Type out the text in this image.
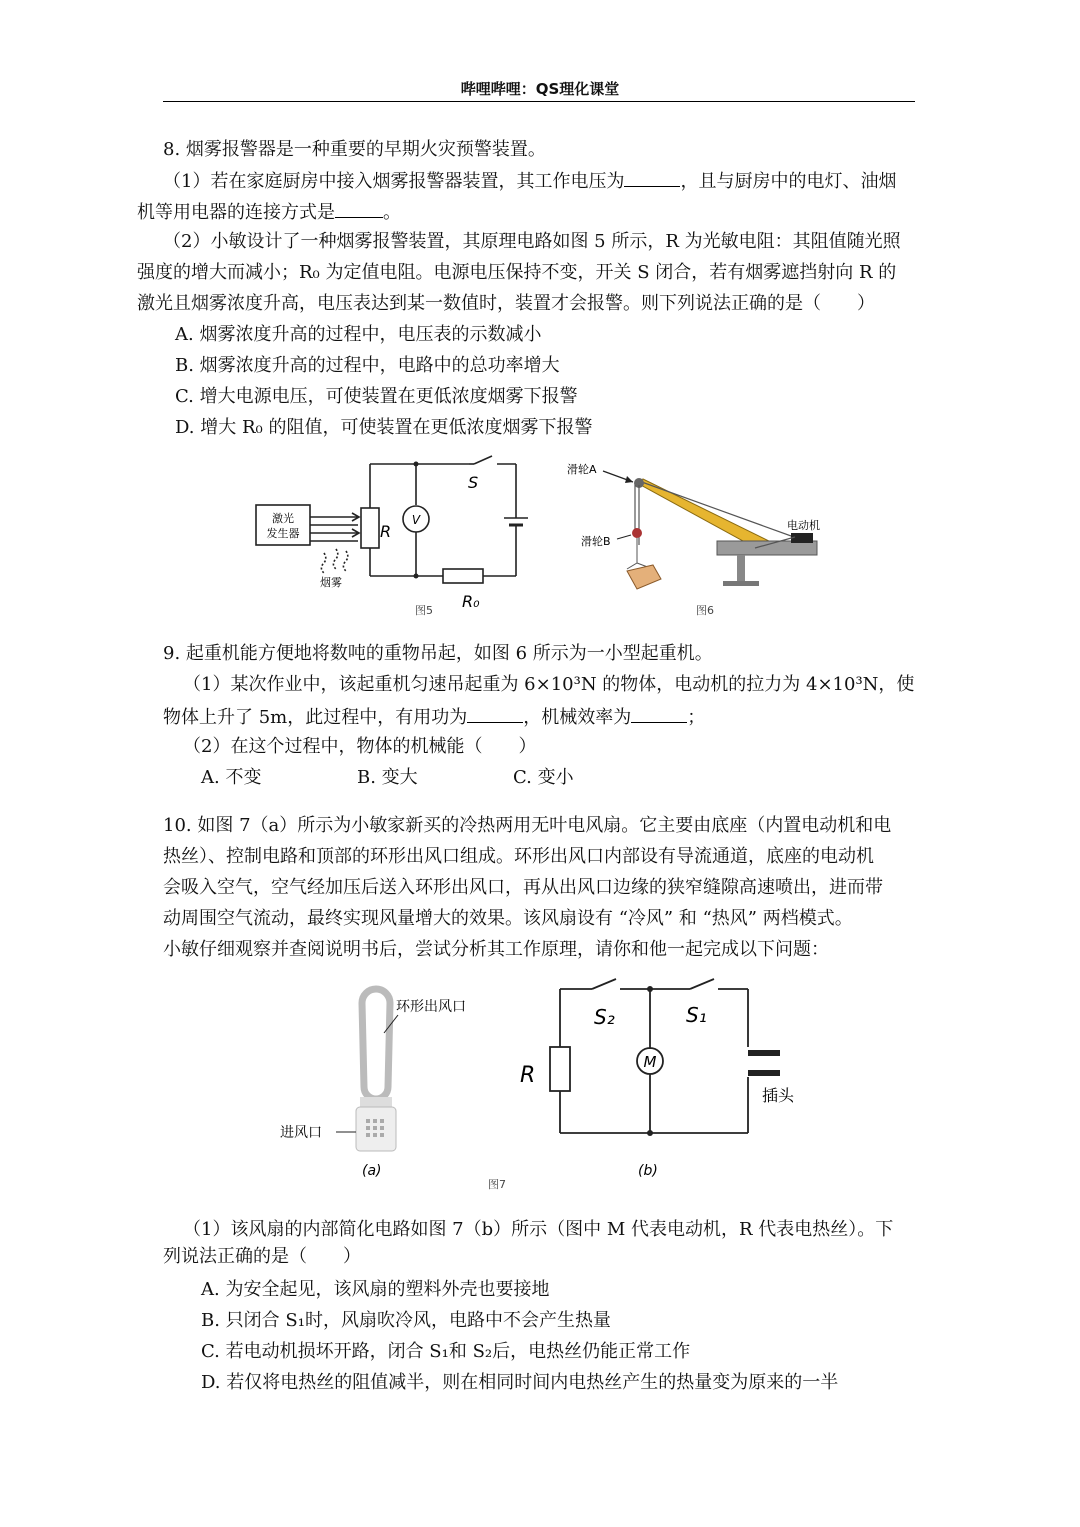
哔哩哔哩：QS理化课堂
8. 烟雾报警器是一种重要的早期火灾预警装置。
（1）若在家庭厨房中接入烟雾报警器装置，其工作电压为	，且与厨房中的电灯、油烟
机等用电器的连接方式是	。
（2）小敏设计了一种烟雾报警装置，其原理电路如图 5 所示，R 为光敏电阻：其阻值随光照
强度的增大而减小；R₀ 为定值电阻。电源电压保持不变，开关 S 闭合，若有烟雾遮挡射向 R 的
激光且烟雾浓度升高，电压表达到某一数值时，装置才会报警。则下列说法正确的是（　　）
A. 烟雾浓度升高的过程中，电压表的示数减小
B. 烟雾浓度升高的过程中，电路中的总功率增大
C. 增大电源电压，可使装置在更低浓度烟雾下报警
D. 增大 R₀ 的阻值，可使装置在更低浓度烟雾下报警
激光
发生器	R
V
S
R₀
烟雾
图5
滑轮A
滑轮B
电动机
图6
9. 起重机能方便地将数吨的重物吊起，如图 6 所示为一小型起重机。
（1）某次作业中，该起重机匀速吊起重为 6×10³N 的物体，电动机的拉力为 4×10³N，使
物体上升了 5m，此过程中，有用功为	，机械效率为	；
（2）在这个过程中，物体的机械能（　　）
A. 不变	B. 变大	C. 变小
10. 如图 7（a）所示为小敏家新买的冷热两用无叶电风扇。它主要由底座（内置电动机和电
热丝）、控制电路和顶部的环形出风口组成。环形出风口内部设有导流通道，底座的电动机
会吸入空气，空气经加压后送入环形出风口，再从出风口边缘的狭窄缝隙高速喷出，进而带
动周围空气流动，最终实现风量增大的效果。该风扇设有 “冷风” 和 “热风” 两档模式。
小敏仔细观察并查阅说明书后，尝试分析其工作原理，请你和他一起完成以下问题：
环形出风口
进风口
(a)
R
S₂	S₁
M
插头
(b)
图7
（1）该风扇的内部简化电路如图 7（b）所示（图中 M 代表电动机，R 代表电热丝）。下
列说法正确的是（　　）
A. 为安全起见，该风扇的塑料外壳也要接地
B. 只闭合 S₁时，风扇吹冷风，电路中不会产生热量
C. 若电动机损坏开路，闭合 S₁和 S₂后，电热丝仍能正常工作
D. 若仅将电热丝的阻值减半，则在相同时间内电热丝产生的热量变为原来的一半
